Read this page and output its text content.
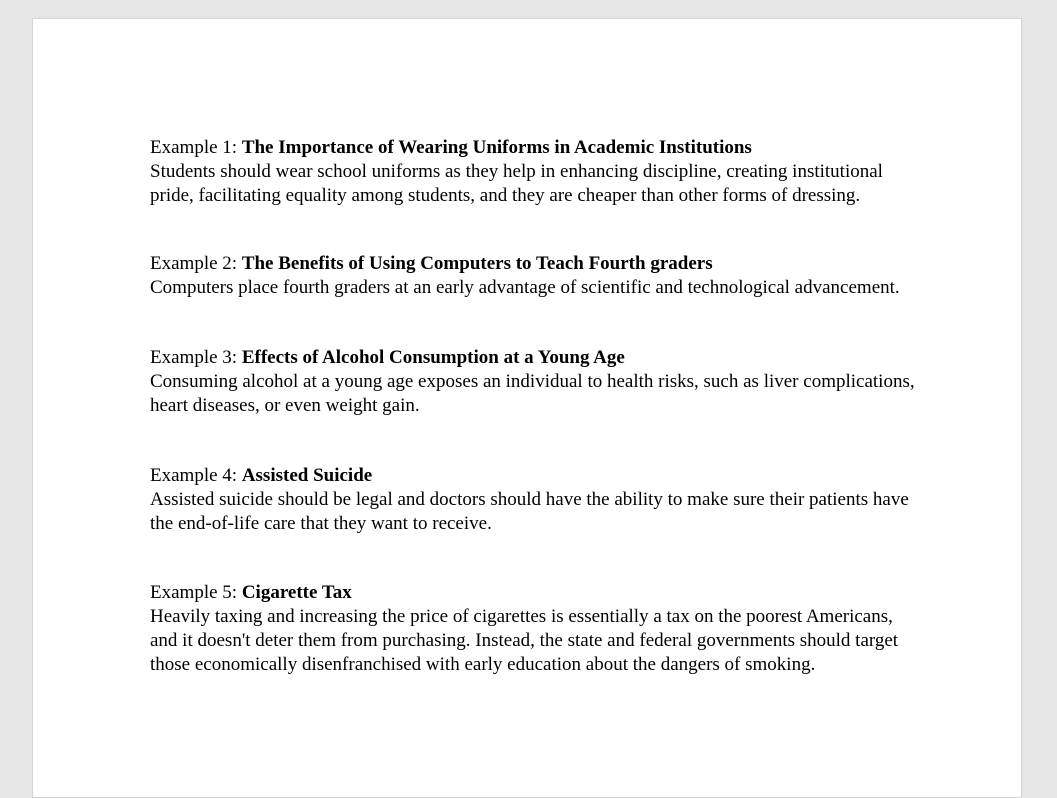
Example 1: The Importance of Wearing Uniforms in Academic Institutions

Students should wear school uniforms as they help in enhancing discipline, creating institutional pride, facilitating equality among students, and they are cheaper than other forms of dressing.

Example 2: The Benefits of Using Computers to Teach Fourth graders

Computers place fourth graders at an early advantage of scientific and technological advancement.

Example 3: Effects of Alcohol Consumption at a Young Age

Consuming alcohol at a young age exposes an individual to health risks, such as liver complications, heart diseases, or even weight gain.

Example 4: Assisted Suicide

Assisted suicide should be legal and doctors should have the ability to make sure their patients have the end-of-life care that they want to receive.

Example 5: Cigarette Tax

Heavily taxing and increasing the price of cigarettes is essentially a tax on the poorest Americans, and it doesn't deter them from purchasing. Instead, the state and federal governments should target those economically disenfranchised with early education about the dangers of smoking.
